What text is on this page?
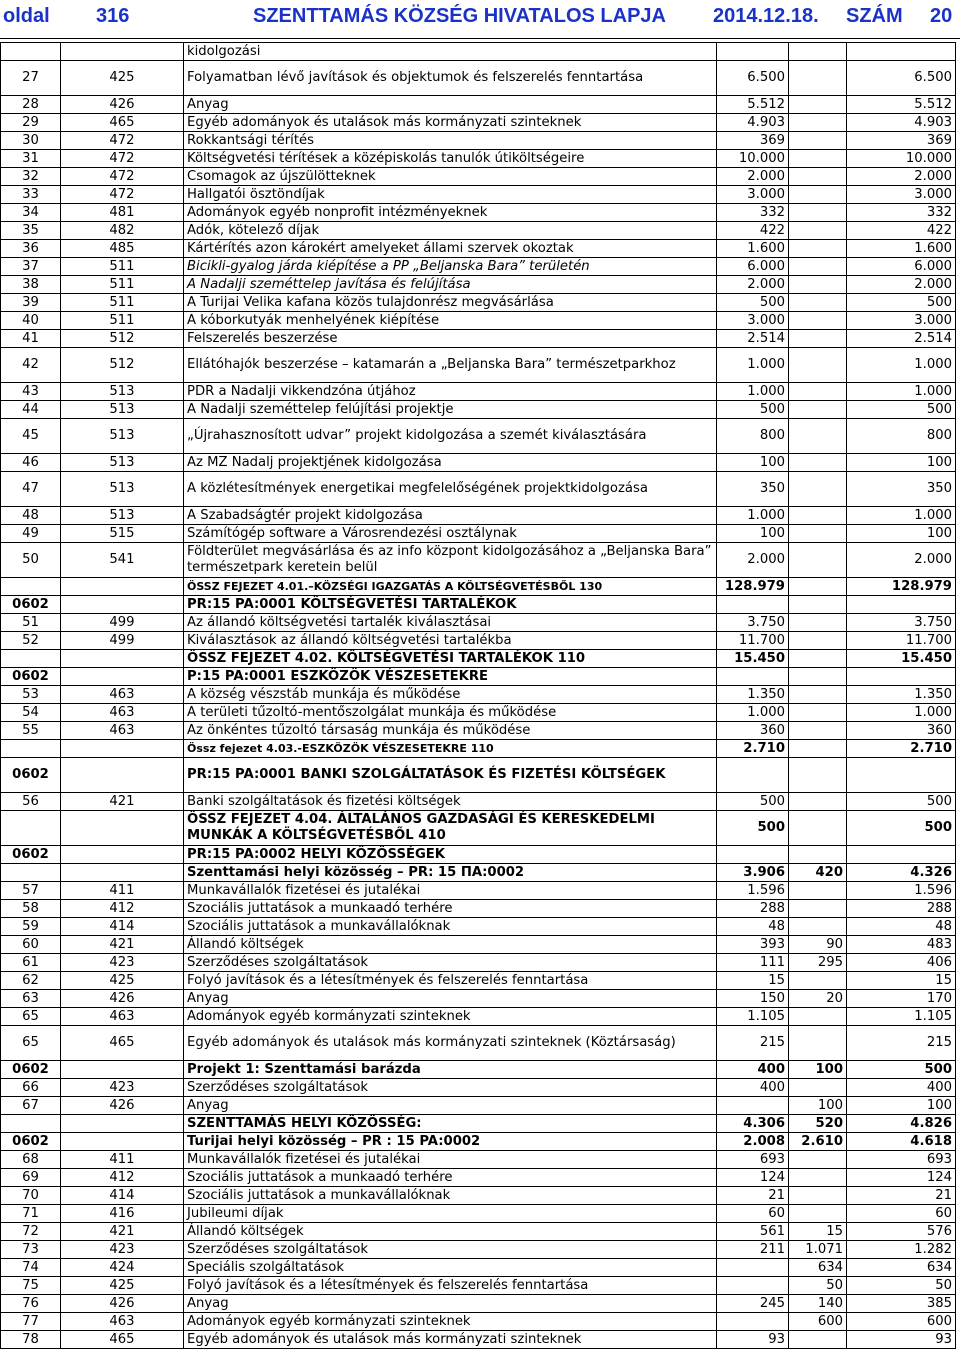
oldal 316	SZENTTAMÁS KÖZSÉG HIVATALOS LAPJA 2014.12.18. SZÁM 20
		kidolgozási			
27	425	Folyamatban lévő javítások és objektumok és felszerelés fenntartása	6.500		6.500
28	426	Anyag	5.512		5.512
29	465	Egyéb adományok és utalások más kormányzati szinteknek	4.903		4.903
30	472	Rokkantsági térítés	369		369
31	472	Költségvetési térítések a középiskolás tanulók útiköltségeire	10.000		10.000
32	472	Csomagok az újszülötteknek	2.000		2.000
33	472	Hallgatói ösztöndíjak	3.000		3.000
34	481	Adományok egyéb nonprofit intézményeknek	332		332
35	482	Adók, kötelező díjak	422		422
36	485	Kártérítés azon károkért amelyeket állami szervek okoztak	1.600		1.600
37	511	Bicikli-gyalog járda kiépítése a PP „Beljanska Bara” területén	6.000		6.000
38	511	A Nadalji szeméttelep javítása és felújítása	2.000		2.000
39	511	A Turijai Velika kafana közös tulajdonrész megvásárlása	500		500
40	511	A kóborkutyák menhelyének kiépítése	3.000		3.000
41	512	Felszerelés beszerzése	2.514		2.514
42	512	Ellátóhajók beszerzése – katamarán a „Beljanska Bara” természetparkhoz	1.000		1.000
43	513	PDR a Nadalji vikkendzóna útjához	1.000		1.000
44	513	A Nadalji szeméttelep felújítási projektje	500		500
45	513	„Újrahasznosított udvar” projekt kidolgozása a szemét kiválasztására	800		800
46	513	Az MZ Nadalj projektjének kidolgozása	100		100
47	513	A közlétesítmények energetikai megfelelőségének projektkidolgozása	350		350
48	513	A Szabadságtér projekt kidolgozása	1.000		1.000
49	515	Számítógép software a Városrendezési osztálynak	100		100
50	541	Földterület megvásárlása és az info központ kidolgozásához a „Beljanska Bara” természetpark keretein belül	2.000		2.000
		ÖSSZ FEJEZET 4.01.–KÖZSÉGI IGAZGATÁS A KÖLTSÉGVETÉSBŐL 130	128.979		128.979
0602		PR:15 PA:0001 KÖLTSÉGVETÉSI TARTALÉKOK			
51	499	Az állandó költségvetési tartalék kiválasztásai	3.750		3.750
52	499	Kiválasztások az állandó költségvetési tartalékba	11.700		11.700
		ÖSSZ FEJEZET 4.02. KÖLTSÉGVETÉSI TARTALÉKOK 110	15.450		15.450
0602		P:15 PA:0001 ESZKÖZÖK VÉSZESETEKRE			
53	463	A község vészstáb munkája és működése	1.350		1.350
54	463	A területi tűzoltó-mentőszolgálat munkája és működése	1.000		1.000
55	463	Az önkéntes tűzoltó társaság munkája és működése	360		360
		Össz fejezet 4.03.-ESZKÖZÖK VÉSZESETEKRE 110	2.710		2.710
0602		PR:15 PA:0001 BANKI SZOLGÁLTATÁSOK ÉS FIZETÉSI KÖLTSÉGEK			
56	421	Banki szolgáltatások és fizetési költségek	500		500
		ÖSSZ FEJEZET 4.04. ÁLTALÁNOS GAZDASÁGI ÉS KERESKEDELMI MUNKÁK A KÖLTSÉGVETÉSBŐL 410	500		500
0602		PR:15 PA:0002 HELYI KÖZÖSSÉGEK			
		Szenttamási helyi közösség – PR: 15 ПА:0002	3.906	420	4.326
57	411	Munkavállalók fizetései és jutalékai	1.596		1.596
58	412	Szociális juttatások a munkaadó terhére	288		288
59	414	Szociális juttatások a munkavállalóknak	48		48
60	421	Állandó költségek	393	90	483
61	423	Szerződéses szolgáltatások	111	295	406
62	425	Folyó javítások és a létesítmények és felszerelés fenntartása	15		15
63	426	Anyag	150	20	170
65	463	Adományok egyéb kormányzati szinteknek	1.105		1.105
65	465	Egyéb adományok és utalások más kormányzati szinteknek (Köztársaság)	215		215
0602		Projekt 1: Szenttamási barázda	400	100	500
66	423	Szerződéses szolgáltatások	400		400
67	426	Anyag		100	100
		SZENTTAMÁS HELYI KÖZÖSSÉG:	4.306	520	4.826
0602		Turijai helyi közösség – PR : 15 PA:0002	2.008	2.610	4.618
68	411	Munkavállalók fizetései és jutalékai	693		693
69	412	Szociális juttatások a munkaadó terhére	124		124
70	414	Szociális juttatások a munkavállalóknak	21		21
71	416	Jubileumi díjak	60		60
72	421	Állandó költségek	561	15	576
73	423	Szerződéses szolgáltatások	211	1.071	1.282
74	424	Speciális szolgáltatások		634	634
75	425	Folyó javítások és a létesítmények és felszerelés fenntartása		50	50
76	426	Anyag	245	140	385
77	463	Adományok egyéb kormányzati szinteknek		600	600
78	465	Egyéb adományok és utalások más kormányzati szinteknek	93		93
